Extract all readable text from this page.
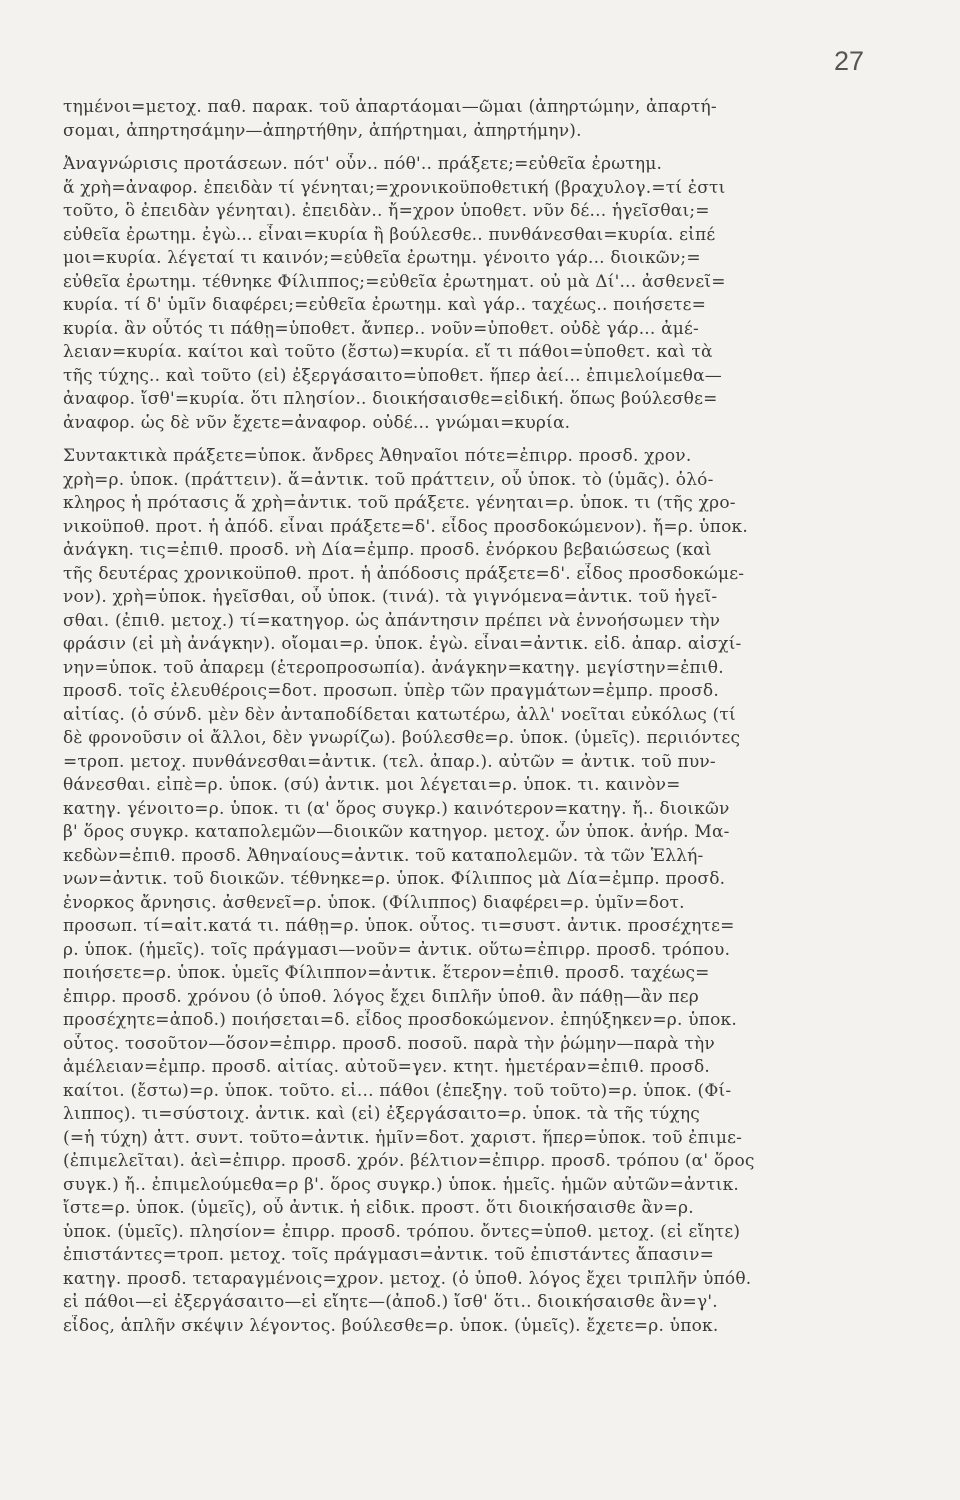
27
τημένοι=μετοχ. παθ. παρακ. τοῦ ἀπαρτάομαι—ῶμαι (ἀπηρτώμην, ἀπαρτή-
σομαι, ἀπηρτησάμην—ἀπηρτήθην, ἀπήρτημαι, ἀπηρτήμην).
Ἀναγνώρισις προτάσεων. πότ' οὖν.. πόθ'.. πράξετε;=εὐθεῖα ἐρωτημ.
ἅ χρὴ=ἀναφορ. ἐπειδὰν τί γένηται;=χρονικοϋποθετική (βραχυλογ.=τί ἐστι
τοῦτο, ὃ ἐπειδὰν γένηται). ἐπειδὰν.. ἤ=χρον ὑποθετ. νῦν δέ... ἡγεῖσθαι;=
εὐθεῖα ἐρωτημ. ἐγὼ... εἶναι=κυρία ἢ βούλεσθε.. πυνθάνεσθαι=κυρία. εἰπέ
μοι=κυρία. λέγεταί τι καινόν;=εὐθεῖα ἐρωτημ. γένοιτο γάρ... διοικῶν;=
εὐθεῖα ἐρωτημ. τέθνηκε Φίλιππος;=εὐθεῖα ἐρωτηματ. οὐ μὰ Δί'... ἀσθενεῖ=
κυρία. τί δ' ὑμῖν διαφέρει;=εὐθεῖα ἐρωτημ. καὶ γάρ.. ταχέως.. ποιήσετε=
κυρία. ἂν οὗτός τι πάθῃ=ὑποθετ. ἄνπερ.. νοῦν=ὑποθετ. οὐδὲ γάρ... ἀμέ-
λειαν=κυρία. καίτοι καὶ τοῦτο (ἔστω)=κυρία. εἴ τι πάθοι=ὑποθετ. καὶ τὰ
τῆς τύχης.. καὶ τοῦτο (εἰ) ἐξεργάσαιτο=ὑποθετ. ἥπερ ἀεί... ἐπιμελοίμεθα—
ἀναφορ. ἴσθ'=κυρία. ὅτι πλησίον.. διοικήσαισθε=εἰδική. ὅπως βούλεσθε=
ἀναφορ. ὡς δὲ νῦν ἔχετε=ἀναφορ. οὐδέ... γνώμαι=κυρία.
Συντακτικὰ πράξετε=ὑποκ. ἄνδρες Ἀθηναῖοι πότε=ἐπιρρ. προσδ. χρον.
χρὴ=ρ. ὑποκ. (πράττειν). ἅ=ἀντικ. τοῦ πράττειν, οὗ ὑποκ. τὸ (ὑμᾶς). ὁλό-
κληρος ἡ πρότασις ἅ χρὴ=ἀντικ. τοῦ πράξετε. γένηται=ρ. ὑποκ. τι (τῆς χρο-
νικοϋποθ. προτ. ἡ ἀπόδ. εἶναι πράξετε=δ'. εἶδος προσδοκώμενον). ἤ=ρ. ὑποκ.
ἀνάγκη. τις=ἐπιθ. προσδ. νὴ Δία=ἐμπρ. προσδ. ἐνόρκου βεβαιώσεως (καὶ
τῆς δευτέρας χρονικοϋποθ. προτ. ἡ ἀπόδοσις πράξετε=δ'. εἶδος προσδοκώμε-
νον). χρὴ=ὑποκ. ἡγεῖσθαι, οὗ ὑποκ. (τινά). τὰ γιγνόμενα=ἀντικ. τοῦ ἡγεῖ-
σθαι. (ἐπιθ. μετοχ.) τί=κατηγορ. ὡς ἀπάντησιν πρέπει νὰ ἐννοήσωμεν τὴν
φράσιν (εἰ μὴ ἀνάγκην). οἴομαι=ρ. ὑποκ. ἐγὼ. εἶναι=ἀντικ. εἰδ. ἀπαρ. αἰσχί-
νην=ὑποκ. τοῦ ἀπαρεμ (ἑτεροπροσωπία). ἀνάγκην=κατηγ. μεγίστην=ἐπιθ.
προσδ. τοῖς ἐλευθέροις=δοτ. προσωπ. ὑπὲρ τῶν πραγμάτων=ἐμπρ. προσδ.
αἰτίας. (ὁ σύνδ. μὲν δὲν ἀνταποδίδεται κατωτέρω, ἀλλ' νοεῖται εὐκόλως (τί
δὲ φρονοῦσιν οἱ ἄλλοι, δὲν γνωρίζω). βούλεσθε=ρ. ὑποκ. (ὑμεῖς). περιιόντες
=τροπ. μετοχ. πυνθάνεσθαι=ἀντικ. (τελ. ἀπαρ.). αὐτῶν = ἀντικ. τοῦ πυν-
θάνεσθαι. εἰπὲ=ρ. ὑποκ. (σύ) ἀντικ. μοι λέγεται=ρ. ὑποκ. τι. καινὸν=
κατηγ. γένοιτο=ρ. ὑποκ. τι (α' ὅρος συγκρ.) καινότερον=κατηγ. ἤ.. διοικῶν
β' ὅρος συγκρ. καταπολεμῶν—διοικῶν κατηγορ. μετοχ. ὧν ὑποκ. ἀνήρ. Μα-
κεδὼν=ἐπιθ. προσδ. Ἀθηναίους=ἀντικ. τοῦ καταπολεμῶν. τὰ τῶν Ἑλλή-
νων=ἀντικ. τοῦ διοικῶν. τέθνηκε=ρ. ὑποκ. Φίλιππος μὰ Δία=ἐμπρ. προσδ.
ἐνορκος ἄρνησις. ἀσθενεῖ=ρ. ὑποκ. (Φίλιππος) διαφέρει=ρ. ὑμῖν=δοτ.
προσωπ. τί=αἰτ.κατά τι. πάθῃ=ρ. ὑποκ. οὗτος. τι=συστ. ἀντικ. προσέχητε=
ρ. ὑποκ. (ἡμεῖς). τοῖς πράγμασι—νοῦν= ἀντικ. οὕτω=ἐπιρρ. προσδ. τρόπου.
ποιήσετε=ρ. ὑποκ. ὑμεῖς Φίλιππον=ἀντικ. ἕτερον=ἐπιθ. προσδ. ταχέως=
ἐπιρρ. προσδ. χρόνου (ὁ ὑποθ. λόγος ἔχει διπλῆν ὑποθ. ἂν πάθῃ—ἂν περ
προσέχητε=ἀποδ.) ποιήσεται=δ. εἶδος προσδοκώμενον. ἐπηύξηκεν=ρ. ὑποκ.
οὗτος. τοσοῦτον—ὅσον=ἐπιρρ. προσδ. ποσοῦ. παρὰ τὴν ῥώμην—παρὰ τὴν
ἀμέλειαν=ἐμπρ. προσδ. αἰτίας. αὐτοῦ=γεν. κτητ. ἡμετέραν=ἐπιθ. προσδ.
καίτοι. (ἔστω)=ρ. ὑποκ. τοῦτο. εἰ... πάθοι (ἐπεξηγ. τοῦ τοῦτο)=ρ. ὑποκ. (Φί-
λιππος). τι=σύστοιχ. ἀντικ. καὶ (εἰ) ἐξεργάσαιτο=ρ. ὑποκ. τὰ τῆς τύχης
(=ἡ τύχη) ἀττ. συντ. τοῦτο=ἀντικ. ἡμῖν=δοτ. χαριστ. ἥπερ=ὑποκ. τοῦ ἐπιμε-
(ἐπιμελεῖται). ἀεὶ=ἐπιρρ. προσδ. χρόν. βέλτιον=ἐπιρρ. προσδ. τρόπου (α' ὅρος
συγκ.) ἤ.. ἐπιμελούμεθα=ρ β'. ὅρος συγκρ.) ὑποκ. ἡμεῖς. ἡμῶν αὐτῶν=ἀντικ.
ἴστε=ρ. ὑποκ. (ὑμεῖς), οὗ ἀντικ. ἡ εἰδικ. προστ. ὅτι διοικήσαισθε ἂν=ρ.
ὑποκ. (ὑμεῖς). πλησίον= ἐπιρρ. προσδ. τρόπου. ὄντες=ὑποθ. μετοχ. (εἰ εἴητε)
ἐπιστάντες=τροπ. μετοχ. τοῖς πράγμασι=ἀντικ. τοῦ ἐπιστάντες ἄπασιν=
κατηγ. προσδ. τεταραγμένοις=χρον. μετοχ. (ὁ ὑποθ. λόγος ἔχει τριπλῆν ὑπόθ.
εἰ πάθοι—εἰ ἐξεργάσαιτο—εἰ εἴητε—(ἀποδ.) ἴσθ' ὅτι.. διοικήσαισθε ἂν=γ'.
εἶδος, ἁπλῆν σκέψιν λέγοντος. βούλεσθε=ρ. ὑποκ. (ὑμεῖς). ἔχετε=ρ. ὑποκ.
